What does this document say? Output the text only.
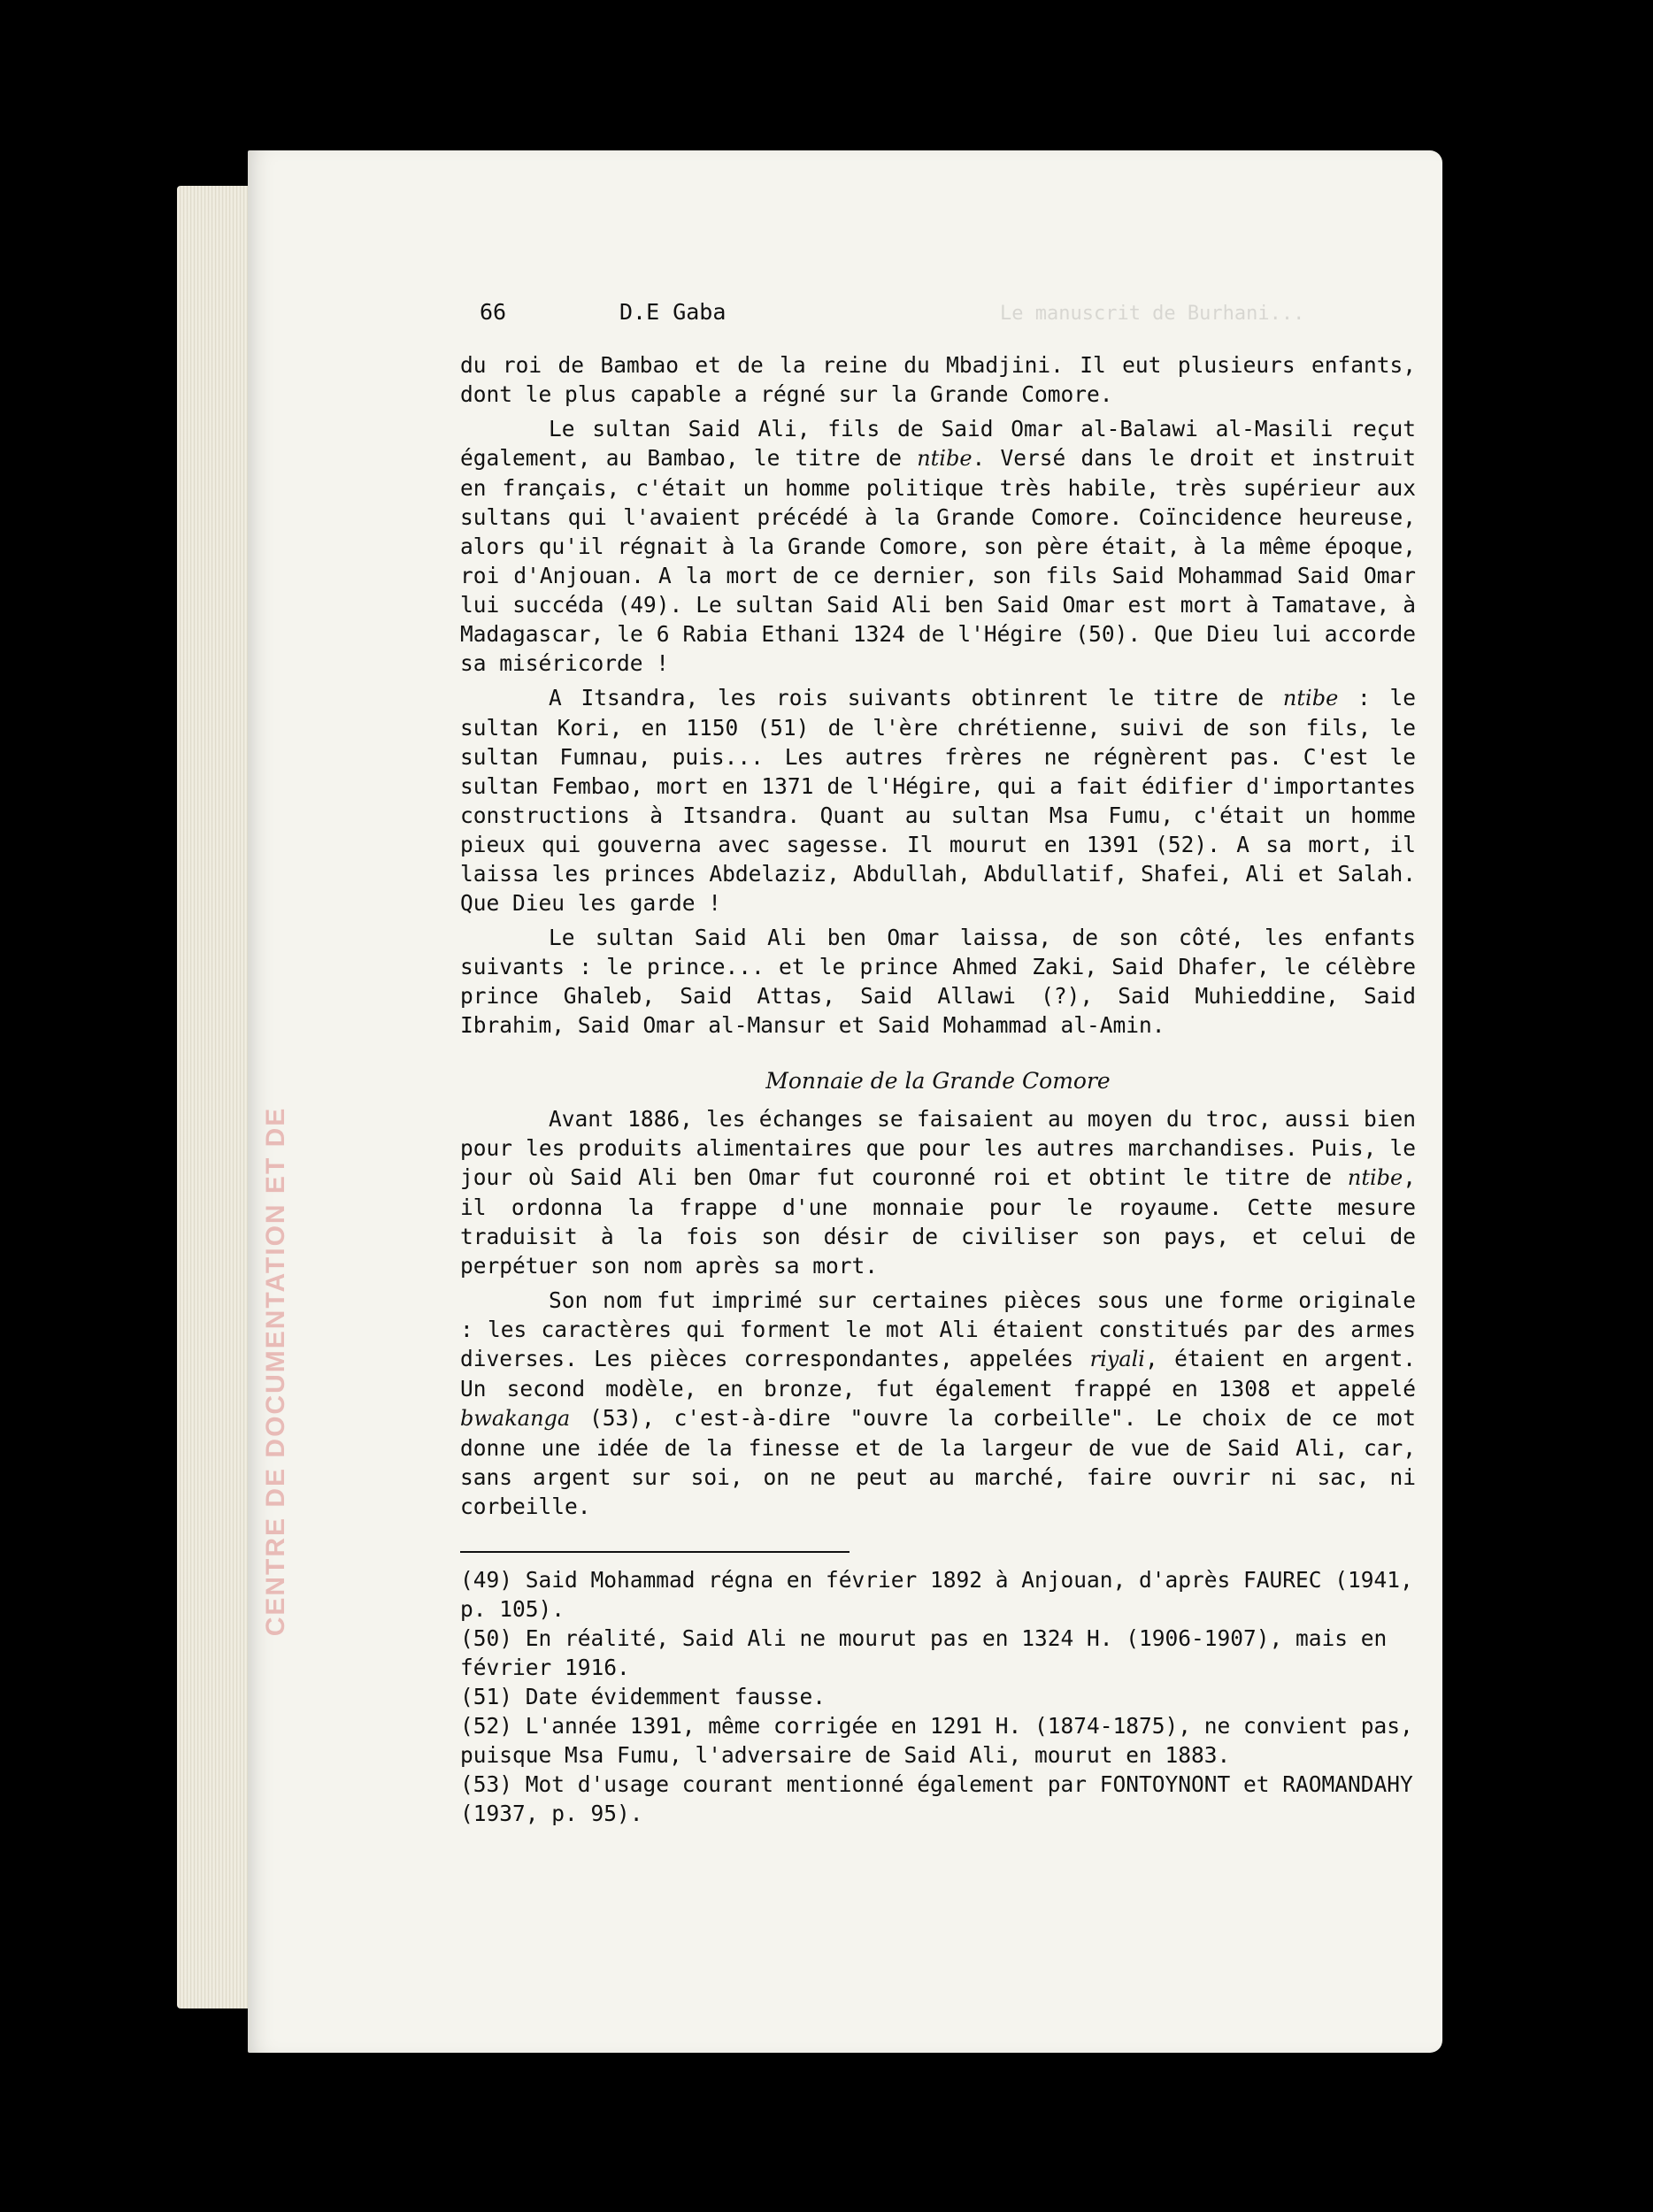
CENTRE DE DOCUMENTATION ET DE
66	D.E Gaba	Le manuscrit de Burhani...

du roi de Bambao et de la reine du Mbadjini. Il eut plusieurs enfants, dont le plus capable a régné sur la Grande Comore.

Le sultan Said Ali, fils de Said Omar al-Balawi al-Masili reçut également, au Bambao, le titre de ntibe. Versé dans le droit et instruit en français, c'était un homme politique très habile, très supérieur aux sultans qui l'avaient précédé à la Grande Comore. Coïncidence heureuse, alors qu'il régnait à la Grande Comore, son père était, à la même époque, roi d'Anjouan. A la mort de ce dernier, son fils Said Mohammad Said Omar lui succéda (49). Le sultan Said Ali ben Said Omar est mort à Tamatave, à Madagascar, le 6 Rabia Ethani 1324 de l'Hégire (50). Que Dieu lui accorde sa miséricorde !

A Itsandra, les rois suivants obtinrent le titre de ntibe : le sultan Kori, en 1150 (51) de l'ère chrétienne, suivi de son fils, le sultan Fumnau, puis... Les autres frères ne régnèrent pas. C'est le sultan Fembao, mort en 1371 de l'Hégire, qui a fait édifier d'importantes constructions à Itsandra. Quant au sultan Msa Fumu, c'était un homme pieux qui gouverna avec sagesse. Il mourut en 1391 (52). A sa mort, il laissa les princes Abdelaziz, Abdullah, Abdullatif, Shafei, Ali et Salah. Que Dieu les garde !

Le sultan Said Ali ben Omar laissa, de son côté, les enfants suivants : le prince... et le prince Ahmed Zaki, Said Dhafer, le célèbre prince Ghaleb, Said Attas, Said Allawi (?), Said Muhieddine, Said Ibrahim, Said Omar al-Mansur et Said Mohammad al-Amin.

Monnaie de la Grande Comore

Avant 1886, les échanges se faisaient au moyen du troc, aussi bien pour les produits alimentaires que pour les autres marchandises. Puis, le jour où Said Ali ben Omar fut couronné roi et obtint le titre de ntibe, il ordonna la frappe d'une monnaie pour le royaume. Cette mesure traduisit à la fois son désir de civiliser son pays, et celui de perpétuer son nom après sa mort.

Son nom fut imprimé sur certaines pièces sous une forme originale : les caractères qui forment le mot Ali étaient constitués par des armes diverses. Les pièces correspondantes, appelées riyali, étaient en argent. Un second modèle, en bronze, fut également frappé en 1308 et appelé bwakanga (53), c'est-à-dire "ouvre la corbeille". Le choix de ce mot donne une idée de la finesse et de la largeur de vue de Said Ali, car, sans argent sur soi, on ne peut au marché, faire ouvrir ni sac, ni corbeille.

(49) Said Mohammad régna en février 1892 à Anjouan, d'après FAUREC (1941, p. 105).

(50) En réalité, Said Ali ne mourut pas en 1324 H. (1906-1907), mais en février 1916.

(51) Date évidemment fausse.

(52) L'année 1391, même corrigée en 1291 H. (1874-1875), ne convient pas, puisque Msa Fumu, l'adversaire de Said Ali, mourut en 1883.

(53) Mot d'usage courant mentionné également par FONTOYNONT et RAOMANDAHY (1937, p. 95).
